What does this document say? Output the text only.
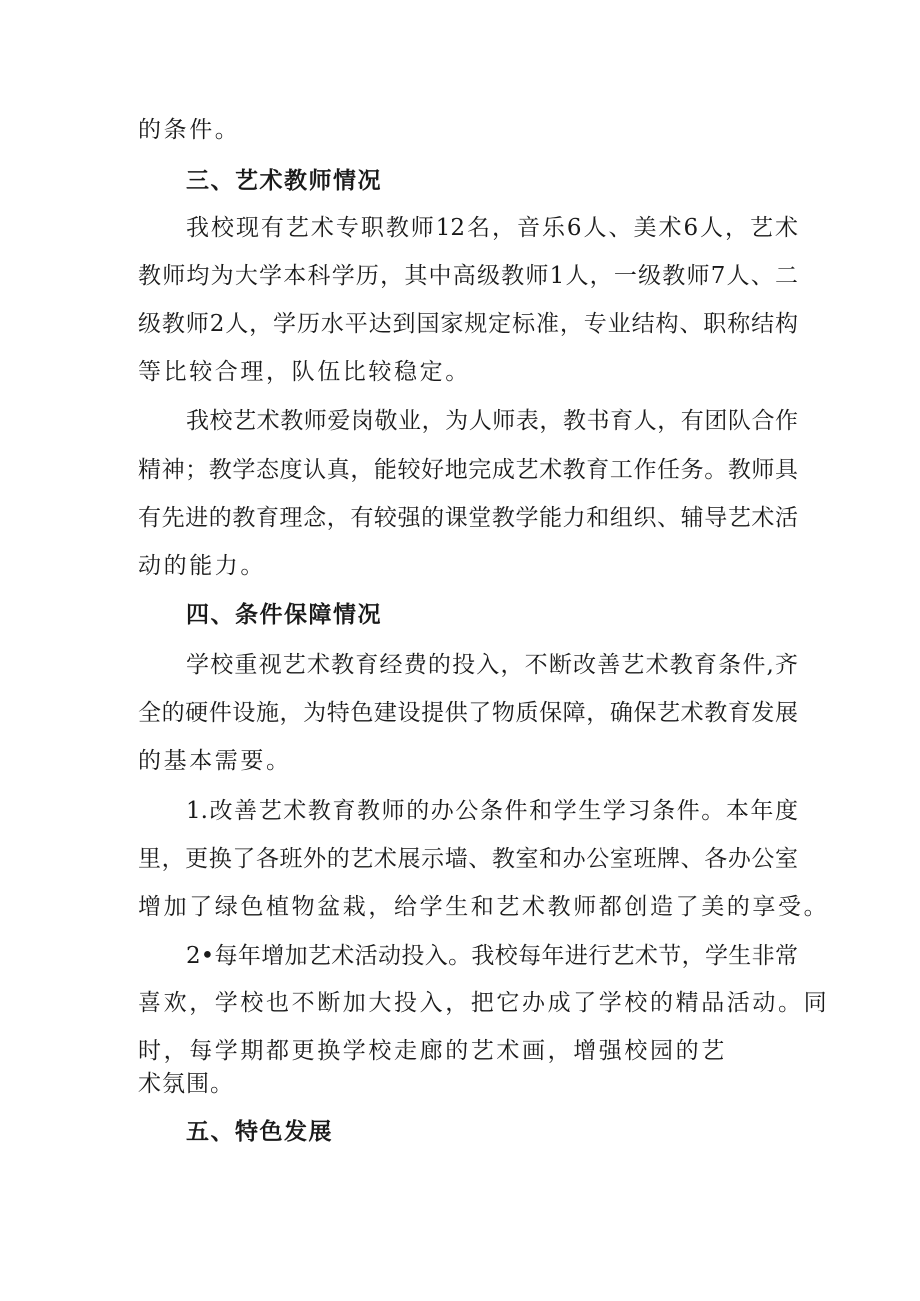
的条件。
三、艺术教师情况
我校现有艺术专职教师12名，音乐6人、美术6人，艺术
教师均为大学本科学历，其中高级教师1人，一级教师7人、二
级教师2人，学历水平达到国家规定标准，专业结构、职称结构
等比较合理，队伍比较稳定。
我校艺术教师爱岗敬业，为人师表，教书育人，有团队合作
精神；教学态度认真，能较好地完成艺术教育工作任务。教师具
有先进的教育理念，有较强的课堂教学能力和组织、辅导艺术活
动的能力。
四、条件保障情况
学校重视艺术教育经费的投入，不断改善艺术教育条件,齐
全的硬件设施，为特色建设提供了物质保障，确保艺术教育发展
的基本需要。
1.改善艺术教育教师的办公条件和学生学习条件。本年度
里，更换了各班外的艺术展示墙、教室和办公室班牌、各办公室
增加了绿色植物盆栽，给学生和艺术教师都创造了美的享受。
2•每年增加艺术活动投入。我校每年进行艺术节，学生非常
喜欢，学校也不断加大投入，把它办成了学校的精品活动。同
时，每学期都更换学校走廊的艺术画，增强校园的艺
术氛围。
五、特色发展
